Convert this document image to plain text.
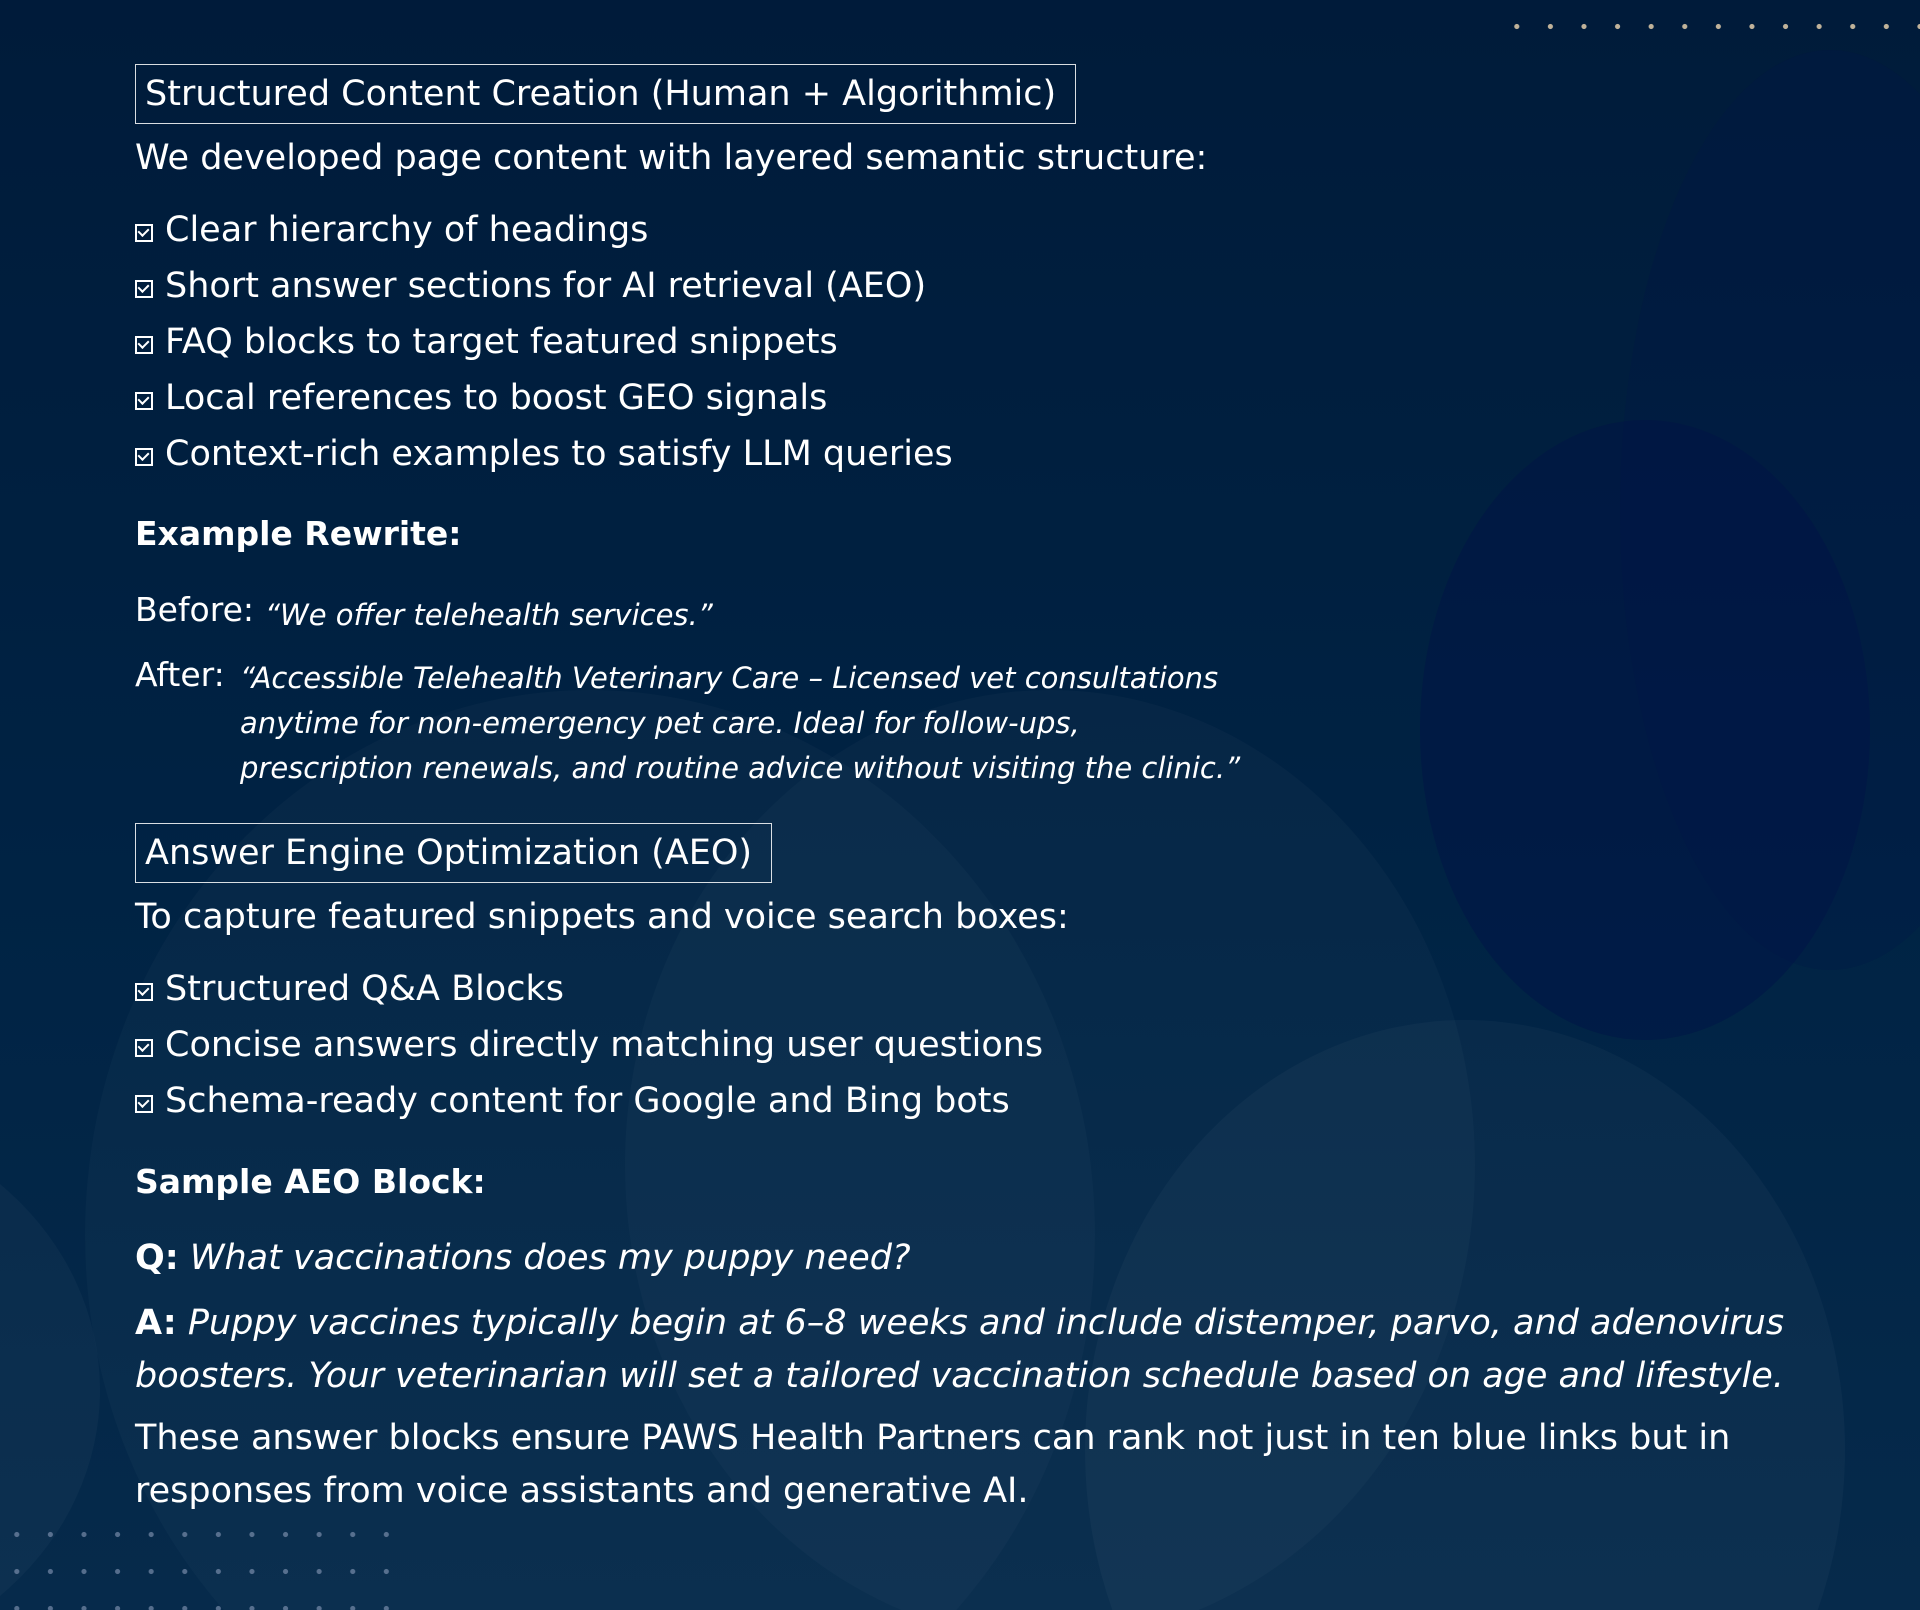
Structured Content Creation (Human + Algorithmic)
We developed page content with layered semantic structure:
Clear hierarchy of headings
Short answer sections for AI retrieval (AEO)
FAQ blocks to target featured snippets
Local references to boost GEO signals
Context-rich examples to satisfy LLM queries
Example Rewrite:
Before: “We offer telehealth services.”
After: “Accessible Telehealth Veterinary Care – Licensed vet consultations
anytime for non-emergency pet care. Ideal for follow-ups,
prescription renewals, and routine advice without visiting the clinic.”
Answer Engine Optimization (AEO)
To capture featured snippets and voice search boxes:
Structured Q&A Blocks
Concise answers directly matching user questions
Schema-ready content for Google and Bing bots
Sample AEO Block:
Q: What vaccinations does my puppy need?
A: Puppy vaccines typically begin at 6–8 weeks and include distemper, parvo, and adenovirus
boosters. Your veterinarian will set a tailored vaccination schedule based on age and lifestyle.
These answer blocks ensure PAWS Health Partners can rank not just in ten blue links but in responses from voice assistants and generative AI.
